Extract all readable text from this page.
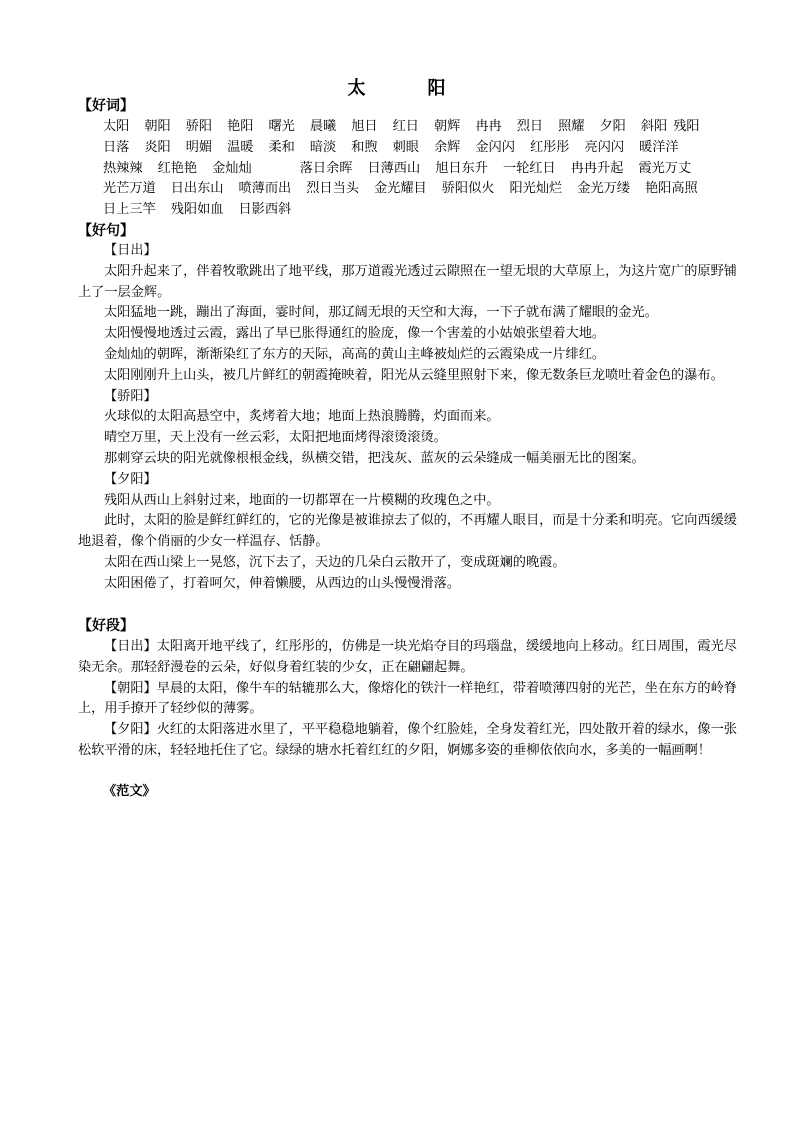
太	阳
【好词】
太阳 朝阳 骄阳 艳阳 曙光 晨曦 旭日 红日 朝辉 冉冉 烈日 照耀 夕阳 斜阳 残阳
日落 炎阳 明媚 温暖 柔和 暗淡 和煦 刺眼 余辉 金闪闪 红彤彤 亮闪闪 暖洋洋
热辣辣 红艳艳 金灿灿	落日余晖 日薄西山 旭日东升 一轮红日 冉冉升起 霞光万丈
光芒万道 日出东山 喷薄而出 烈日当头 金光耀目 骄阳似火 阳光灿烂 金光万缕 艳阳高照
日上三竿 残阳如血 日影西斜
【好句】
【日出】

太阳升起来了，伴着牧歌跳出了地平线，那万道霞光透过云隙照在一望无垠的大草原上，为这片宽广的原野铺上了一层金辉。

太阳猛地一跳，蹦出了海面，霎时间，那辽阔无垠的天空和大海，一下子就布满了耀眼的金光。

太阳慢慢地透过云霞，露出了早已胀得通红的脸庞，像一个害羞的小姑娘张望着大地。

金灿灿的朝晖，渐渐染红了东方的天际，高高的黄山主峰被灿烂的云霞染成一片绯红。

太阳刚刚升上山头，被几片鲜红的朝霞掩映着，阳光从云缝里照射下来，像无数条巨龙喷吐着金色的瀑布。

【骄阳】

火球似的太阳高悬空中，炙烤着大地；地面上热浪腾腾，灼面而来。

晴空万里，天上没有一丝云彩，太阳把地面烤得滚烫滚烫。

那刺穿云块的阳光就像根根金线，纵横交错，把浅灰、蓝灰的云朵缝成一幅美丽无比的图案。

【夕阳】

残阳从西山上斜射过来，地面的一切都罩在一片模糊的玫瑰色之中。

此时，太阳的脸是鲜红鲜红的，它的光像是被谁掠去了似的，不再耀人眼目，而是十分柔和明亮。它向西缓缓地退着，像个俏丽的少女一样温存、恬静。

太阳在西山梁上一晃悠，沉下去了，天边的几朵白云散开了，变成斑斓的晚霞。

太阳困倦了，打着呵欠，伸着懒腰，从西边的山头慢慢滑落。

【好段】

【日出】太阳离开地平线了，红彤彤的，仿佛是一块光焰夺目的玛瑙盘，缓缓地向上移动。红日周围，霞光尽染无余。那轻舒漫卷的云朵，好似身着红装的少女，正在翩翩起舞。

【朝阳】早晨的太阳，像牛车的轱辘那么大，像熔化的铁汁一样艳红，带着喷薄四射的光芒，坐在东方的岭脊上，用手撩开了轻纱似的薄雾。

【夕阳】火红的太阳落进水里了，平平稳稳地躺着，像个红脸娃，全身发着红光，四处散开着的绿水，像一张松软平滑的床，轻轻地托住了它。绿绿的塘水托着红红的夕阳，婀娜多姿的垂柳依依向水，多美的一幅画啊！

《范文》
